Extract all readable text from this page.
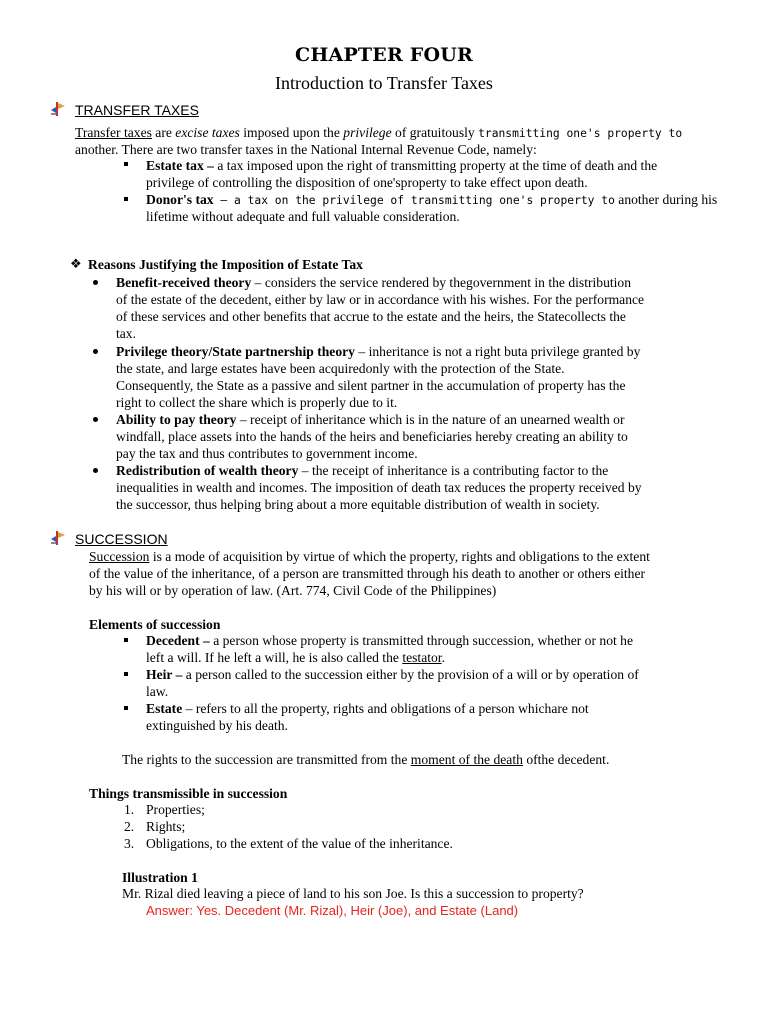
CHAPTER FOUR
Introduction to Transfer Taxes
TRANSFER TAXES
Transfer taxes are excise taxes imposed upon the privilege of gratuitously transmitting one's property to
another. There are two transfer taxes in the National Internal Revenue Code, namely:
Estate tax – a tax imposed upon the right of transmitting property at the time of death and the
privilege of controlling the disposition of one'sproperty to take effect upon death.
Donor's tax – a tax on the privilege of transmitting one's property to another during his
lifetime without adequate and full valuable consideration.
❖ Reasons Justifying the Imposition of Estate Tax
Benefit-received theory – considers the service rendered by thegovernment in the distribution
of the estate of the decedent, either by law or in accordance with his wishes. For the performance
of these services and other benefits that accrue to the estate and the heirs, the Statecollects the
tax.
Privilege theory/State partnership theory – inheritance is not a right buta privilege granted by
the state, and large estates have been acquiredonly with the protection of the State.
Consequently, the State as a passive and silent partner in the accumulation of property has the
right to collect the share which is properly due to it.
Ability to pay theory – receipt of inheritance which is in the nature of an unearned wealth or
windfall, place assets into the hands of the heirs and beneficiaries hereby creating an ability to
pay the tax and thus contributes to government income.
Redistribution of wealth theory – the receipt of inheritance is a contributing factor to the
inequalities in wealth and incomes. The imposition of death tax reduces the property received by
the successor, thus helping bring about a more equitable distribution of wealth in society.
SUCCESSION
Succession is a mode of acquisition by virtue of which the property, rights and obligations to the extent
of the value of the inheritance, of a person are transmitted through his death to another or others either
by his will or by operation of law. (Art. 774, Civil Code of the Philippines)
Elements of succession
Decedent – a person whose property is transmitted through succession, whether or not he
left a will. If he left a will, he is also called the testator.
Heir – a person called to the succession either by the provision of a will or by operation of
law.
Estate – refers to all the property, rights and obligations of a person whichare not
extinguished by his death.
The rights to the succession are transmitted from the moment of the death ofthe decedent.
Things transmissible in succession
1. Properties;
2. Rights;
3. Obligations, to the extent of the value of the inheritance.
Illustration 1
Mr. Rizal died leaving a piece of land to his son Joe. Is this a succession to property?
Answer: Yes. Decedent (Mr. Rizal), Heir (Joe), and Estate (Land)
